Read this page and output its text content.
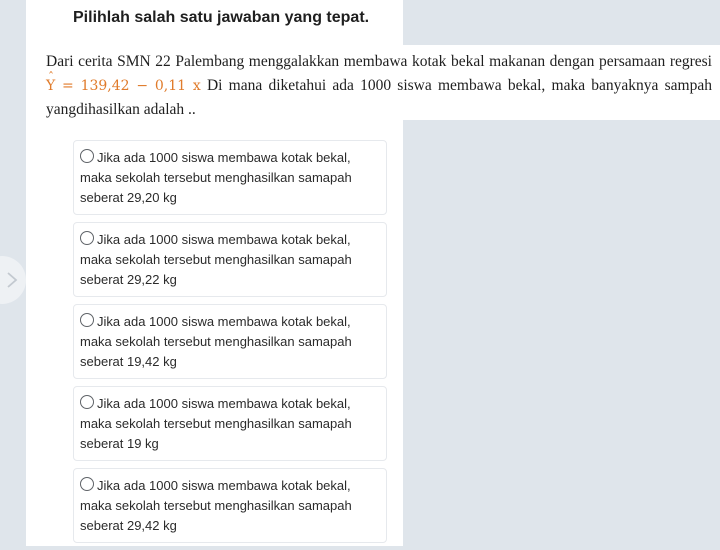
Pilihlah salah satu jawaban yang tepat.
Dari cerita SMN 22 Palembang menggalakkan membawa kotak bekal makanan dengan persamaan regresi ˆ Y = 139,42 − 0,11 x Di mana diketahui ada 1000 siswa membawa bekal, maka banyaknya sampah yangdihasilkan adalah ..
Jika ada 1000 siswa membawa kotak bekal, maka sekolah tersebut menghasilkan samapah seberat 29,20 kg
Jika ada 1000 siswa membawa kotak bekal, maka sekolah tersebut menghasilkan samapah seberat 29,22 kg
Jika ada 1000 siswa membawa kotak bekal, maka sekolah tersebut menghasilkan samapah seberat 19,42 kg
Jika ada 1000 siswa membawa kotak bekal, maka sekolah tersebut menghasilkan samapah seberat 19 kg
Jika ada 1000 siswa membawa kotak bekal, maka sekolah tersebut menghasilkan samapah seberat 29,42 kg
